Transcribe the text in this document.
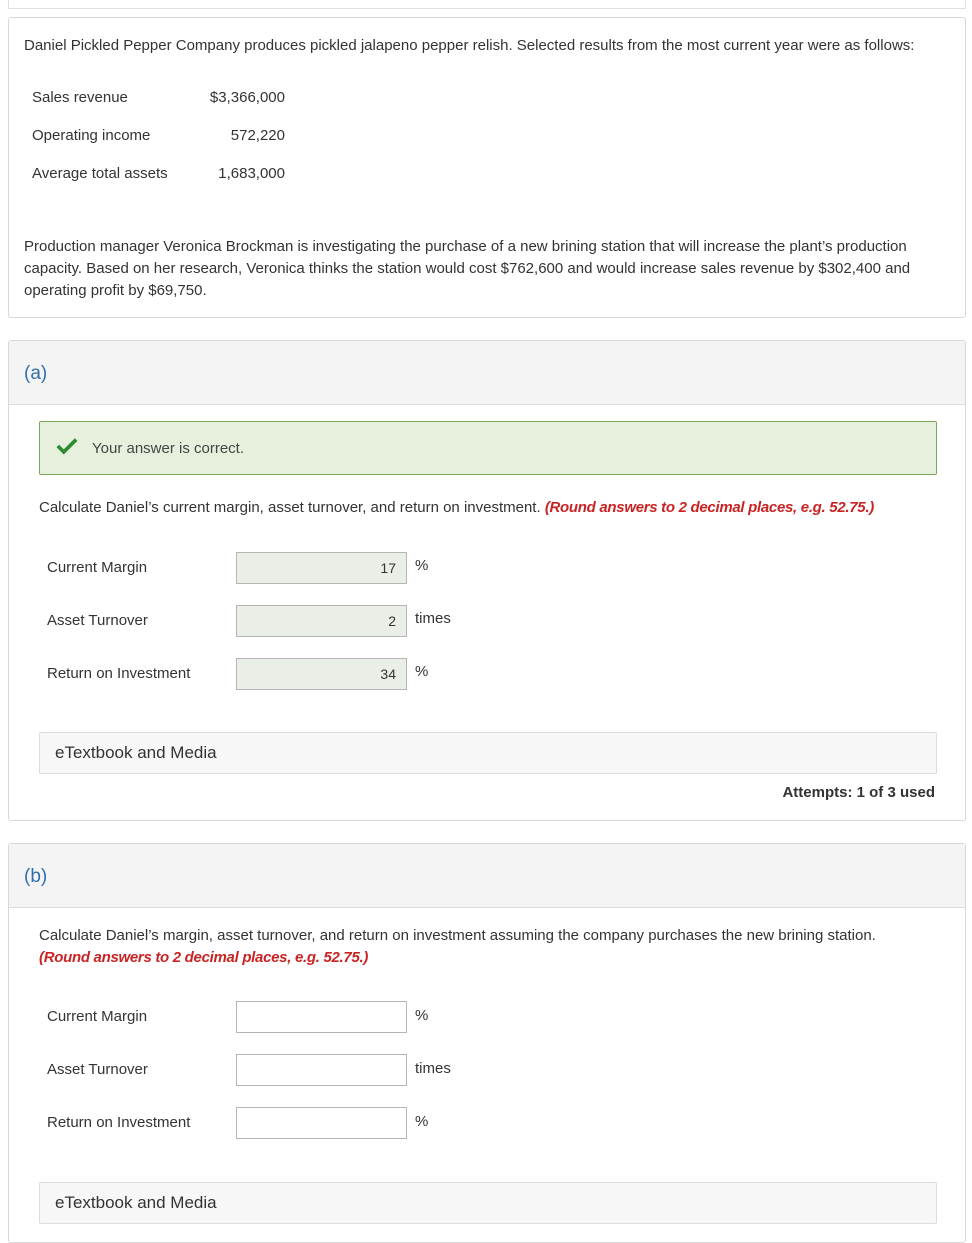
Daniel Pickled Pepper Company produces pickled jalapeno pepper relish. Selected results from the most current year were as follows:
Sales revenue	$3,366,000
Operating income	572,220
Average total assets	1,683,000
Production manager Veronica Brockman is investigating the purchase of a new brining station that will increase the plant’s production capacity. Based on her research, Veronica thinks the station would cost $762,600 and would increase sales revenue by $302,400 and operating profit by $69,750.
(a)
Your answer is correct.
Calculate Daniel’s current margin, asset turnover, and return on investment. (Round answers to 2 decimal places, e.g. 52.75.)
Current Margin	17	%
Asset Turnover	2	times
Return on Investment	34	%
eTextbook and Media
Attempts: 1 of 3 used
(b)
Calculate Daniel’s margin, asset turnover, and return on investment assuming the company purchases the new brining station.
(Round answers to 2 decimal places, e.g. 52.75.)
Current Margin	%
Asset Turnover	times
Return on Investment	%
eTextbook and Media
